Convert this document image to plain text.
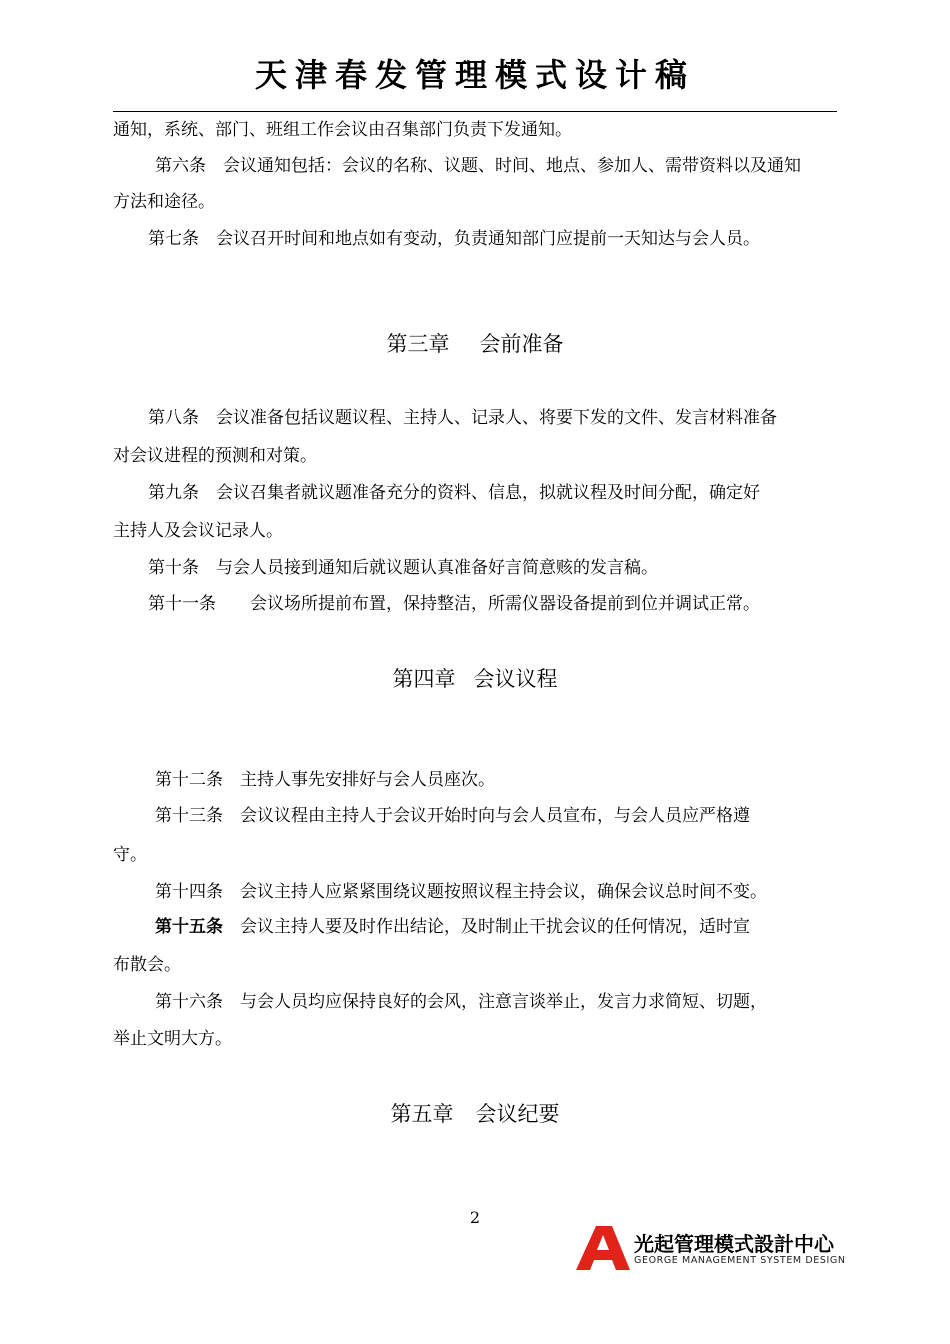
天津春发管理模式设计稿
通知，系统、部门、班组工作会议由召集部门负责下发通知。
第六条　会议通知包括：会议的名称、议题、时间、地点、参加人、需带资料以及通知
方法和途径。
第七条　会议召开时间和地点如有变动，负责通知部门应提前一天知达与会人员。
第三章 会前准备
第八条　会议准备包括议题议程、主持人、记录人、将要下发的文件、发言材料准备
对会议进程的预测和对策。
第九条　会议召集者就议题准备充分的资料、信息，拟就议程及时间分配，确定好
主持人及会议记录人。
第十条　与会人员接到通知后就议题认真准备好言简意赅的发言稿。
第十一条　　会议场所提前布置，保持整洁，所需仪器设备提前到位并调试正常。
第四章 会议议程
第十二条　主持人事先安排好与会人员座次。
第十三条　会议议程由主持人于会议开始时向与会人员宣布，与会人员应严格遵
守。
第十四条　会议主持人应紧紧围绕议题按照议程主持会议，确保会议总时间不变。
第十五条　会议主持人要及时作出结论，及时制止干扰会议的任何情况，适时宣
布散会。
第十六条　与会人员均应保持良好的会风，注意言谈举止，发言力求简短、切题，
举止文明大方。
第五章 会议纪要
2
光起管理模式設計中心
GEORGE MANAGEMENT SYSTEM DESIGN
